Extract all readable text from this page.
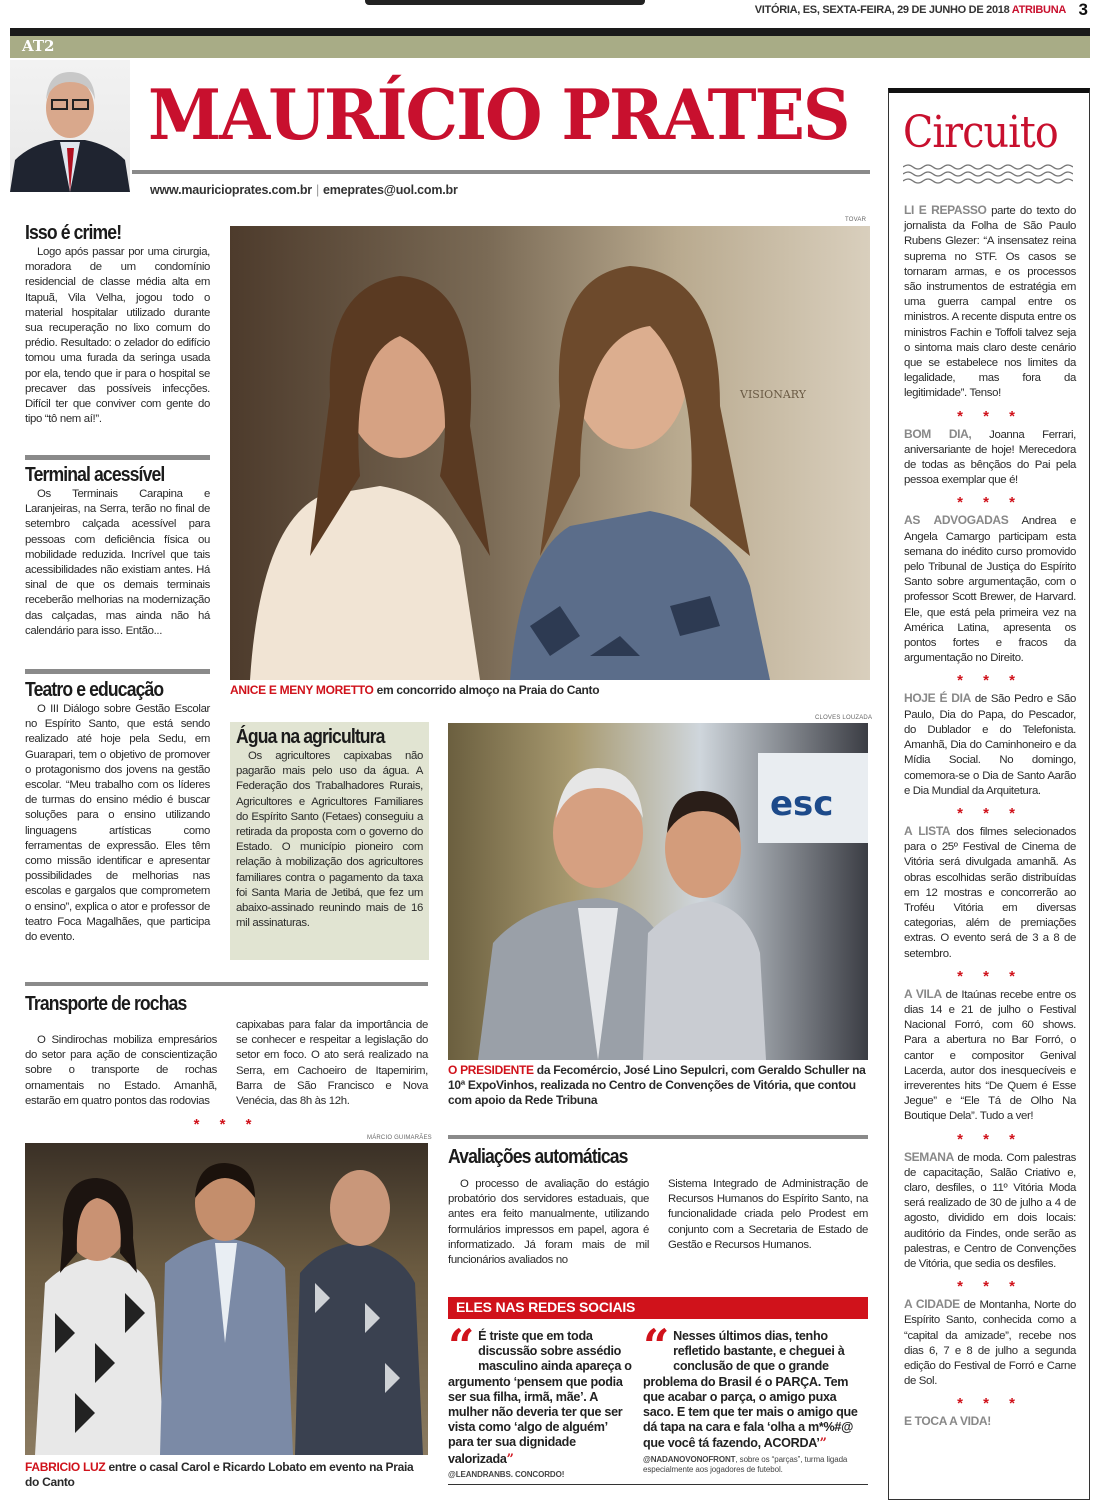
VITÓRIA, ES, SEXTA-FEIRA, 29 DE JUNHO DE 2018 ATRIBUNA 3
AT2
MAURÍCIO PRATES
www.mauricioprates.com.br | emeprates@uol.com.br
Isso é crime!
Logo após passar por uma cirurgia, moradora de um condomínio residencial de classe média alta em Itapuã, Vila Velha, jogou todo o material hospitalar utilizado durante sua recuperação no lixo comum do prédio. Resultado: o zelador do edifício tomou uma furada da seringa usada por ela, tendo que ir para o hospital se precaver das possíveis infecções. Difícil ter que conviver com gente do tipo “tô nem aí!”.
Terminal acessível
Os Terminais Carapina e Laranjeiras, na Serra, terão no final de setembro calçada acessível para pessoas com deficiência física ou mobilidade reduzida. Incrível que tais acessibilidades não existiam antes. Há sinal de que os demais terminais receberão melhorias na modernização das calçadas, mas ainda não há calendário para isso. Então...
Teatro e educação
O III Diálogo sobre Gestão Escolar no Espírito Santo, que está sendo realizado até hoje pela Sedu, em Guarapari, tem o objetivo de promover o protagonismo dos jovens na gestão escolar. “Meu trabalho com os líderes de turmas do ensino médio é buscar soluções para o ensino utilizando linguagens artísticas como ferramentas de expressão. Eles têm como missão identificar e apresentar possibilidades de melhorias nas escolas e gargalos que comprometem o ensino”, explica o ator e professor de teatro Foca Magalhães, que participa do evento.
TOVAR
VISIONARY
ANICE E MENY MORETTO em concorrido almoço na Praia do Canto
Água na agricultura
Os agricultores capixabas não pagarão mais pelo uso da água. A Federação dos Trabalhadores Rurais, Agricultores e Agricultores Familiares do Espírito Santo (Fetaes) conseguiu a retirada da proposta com o governo do Estado. O município pioneiro com relação à mobilização dos agricultores familiares contra o pagamento da taxa foi Santa Maria de Jetibá, que fez um abaixo-assinado reunindo mais de 16 mil assinaturas.
CLOVES LOUZADA
esc
O PRESIDENTE da Fecomércio, José Lino Sepulcri, com Geraldo Schuller na 10ª ExpoVinhos, realizada no Centro de Convenções de Vitória, que contou com apoio da Rede Tribuna
Transporte de rochas
O Sindirochas mobiliza empresários do setor para ação de conscientização sobre o transporte de rochas ornamentais no Estado. Amanhã, estarão em quatro pontos das rodovias
capixabas para falar da importância de se conhecer e respeitar a legislação do setor em foco. O ato será realizado na Serra, em Cachoeiro de Itapemirim, Barra de São Francisco e Nova Venécia, das 8h às 12h.
* * *
MÁRCIO GUIMARÃES
FABRICIO LUZ entre o casal Carol e Ricardo Lobato em evento na Praia do Canto
Avaliações automáticas
O processo de avaliação do estágio probatório dos servidores estaduais, que antes era feito manualmente, utilizando formulários impressos em papel, agora é informatizado. Já foram mais de mil funcionários avaliados no
Sistema Integrado de Administração de Recursos Humanos do Espírito Santo, na funcionalidade criada pelo Prodest em conjunto com a Secretaria de Estado de Gestão e Recursos Humanos.
ELES NAS REDES SOCIAIS
“ É triste que em toda discussão sobre assédio masculino ainda apareça o argumento ‘pensem que podia ser sua filha, irmã, mãe’. A mulher não deveria ter que ser vista como ‘algo de alguém’ para ter sua dignidade valorizada”
@LEANDRANBS. CONCORDO!
“ Nesses últimos dias, tenho refletido bastante, e cheguei à conclusão de que o grande problema do Brasil é o PARÇA. Tem que acabar o parça, o amigo puxa saco. E tem que ter mais o amigo que dá tapa na cara e fala ‘olha a m*%#@ que você tá fazendo, ACORDA’”
@NADANOVONOFRONT, sobre os “parças”, turma ligada especialmente aos jogadores de futebol.
Circuito
LI E REPASSO parte do texto do jornalista da Folha de São Paulo Rubens Glezer: “A insensatez reina suprema no STF. Os casos se tornaram armas, e os processos são instrumentos de estratégia em uma guerra campal entre os ministros. A recente disputa entre os ministros Fachin e Toffoli talvez seja o sintoma mais claro deste cenário que se estabelece nos limites da legalidade, mas fora da legitimidade”. Tenso!
* * *
BOM DIA, Joanna Ferrari, aniversariante de hoje! Merecedora de todas as bênçãos do Pai pela pessoa exemplar que é!
* * *
AS ADVOGADAS Andrea e Angela Camargo participam esta semana do inédito curso promovido pelo Tribunal de Justiça do Espírito Santo sobre argumentação, com o professor Scott Brewer, de Harvard. Ele, que está pela primeira vez na América Latina, apresenta os pontos fortes e fracos da argumentação no Direito.
* * *
HOJE É DIA de São Pedro e São Paulo, Dia do Papa, do Pescador, do Dublador e do Telefonista. Amanhã, Dia do Caminhoneiro e da Mídia Social. No domingo, comemora-se o Dia de Santo Aarão e Dia Mundial da Arquitetura.
* * *
A LISTA dos filmes selecionados para o 25º Festival de Cinema de Vitória será divulgada amanhã. As obras escolhidas serão distribuídas em 12 mostras e concorrerão ao Troféu Vitória em diversas categorias, além de premiações extras. O evento será de 3 a 8 de setembro.
* * *
A VILA de Itaúnas recebe entre os dias 14 e 21 de julho o Festival Nacional Forró, com 60 shows. Para a abertura no Bar Forró, o cantor e compositor Genival Lacerda, autor dos inesquecíveis e irreverentes hits “De Quem é Esse Jegue” e “Ele Tá de Olho Na Boutique Dela”. Tudo a ver!
* * *
SEMANA de moda. Com palestras de capacitação, Salão Criativo e, claro, desfiles, o 11º Vitória Moda será realizado de 30 de julho a 4 de agosto, dividido em dois locais: auditório da Findes, onde serão as palestras, e Centro de Convenções de Vitória, que sedia os desfiles.
* * *
A CIDADE de Montanha, Norte do Espírito Santo, conhecida como a “capital da amizade”, recebe nos dias 6, 7 e 8 de julho a segunda edição do Festival de Forró e Carne de Sol.
* * *
E TOCA A VIDA!
